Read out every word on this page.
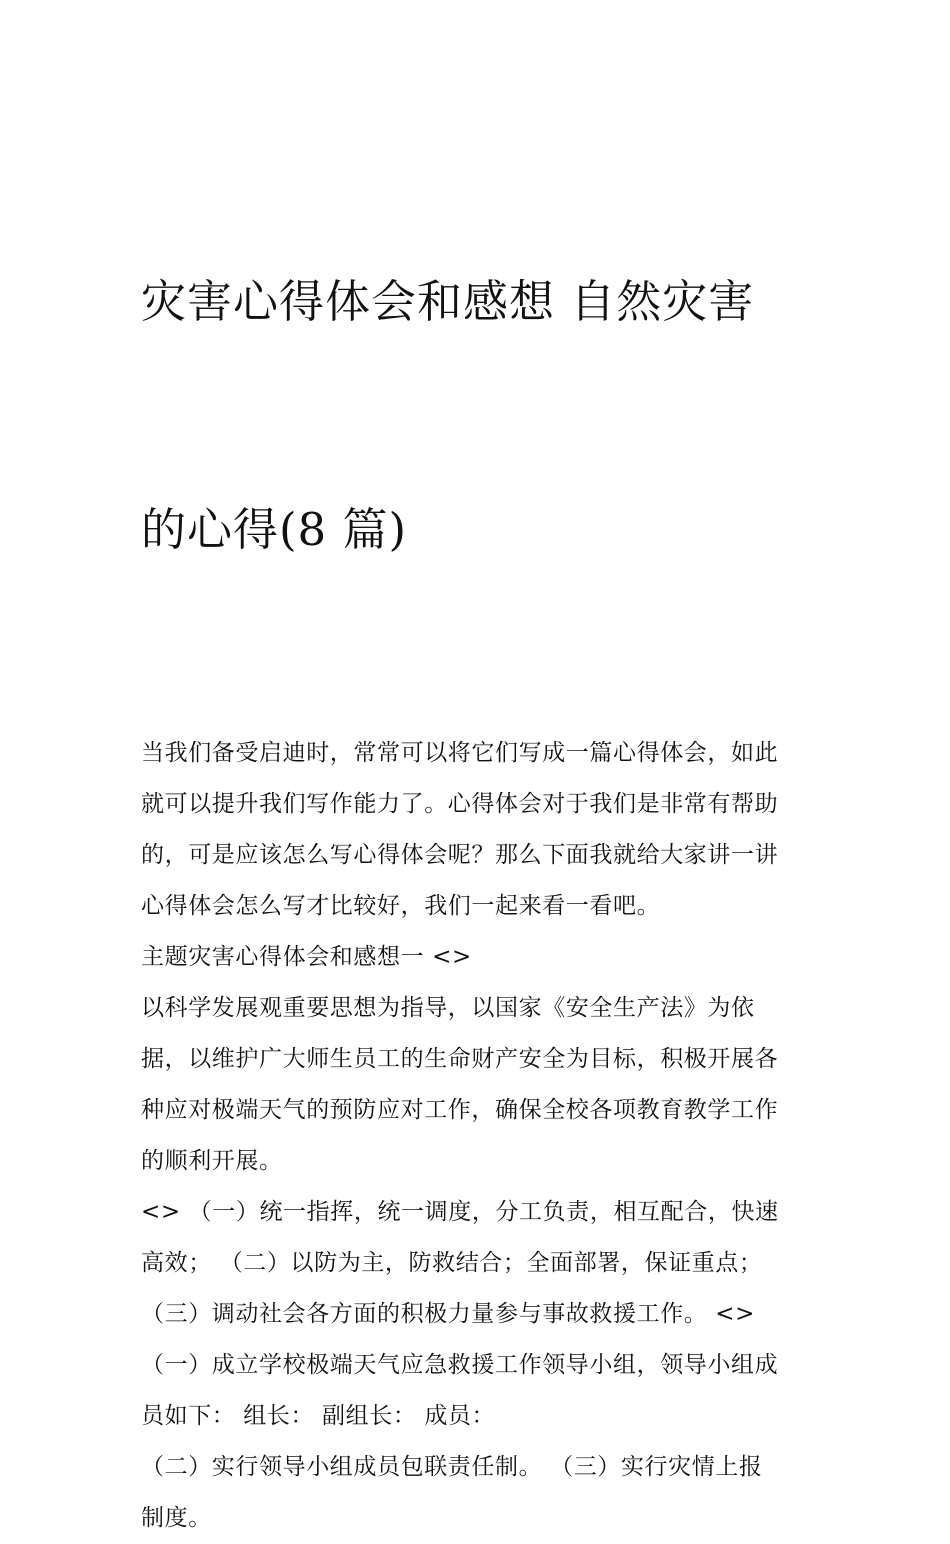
灾害心得体会和感想 自然灾害

的心得(8 篇)

当我们备受启迪时，常常可以将它们写成一篇心得体会，如此
就可以提升我们写作能力了。心得体会对于我们是非常有帮助
的，可是应该怎么写心得体会呢？那么下面我就给大家讲一讲
心得体会怎么写才比较好，我们一起来看一看吧。
主题灾害心得体会和感想一 <>
以科学发展观重要思想为指导，以国家《安全生产法》为依
据，以维护广大师生员工的生命财产安全为目标，积极开展各
种应对极端天气的预防应对工作，确保全校各项教育教学工作
的顺利开展。
<> （一）统一指挥，统一调度，分工负责，相互配合，快速
高效； （二）以防为主，防救结合；全面部署，保证重点；
（三）调动社会各方面的积极力量参与事故救援工作。 <>
（一）成立学校极端天气应急救援工作领导小组，领导小组成
员如下： 组长： 副组长： 成员：
（二）实行领导小组成员包联责任制。 （三）实行灾情上报
制度。
